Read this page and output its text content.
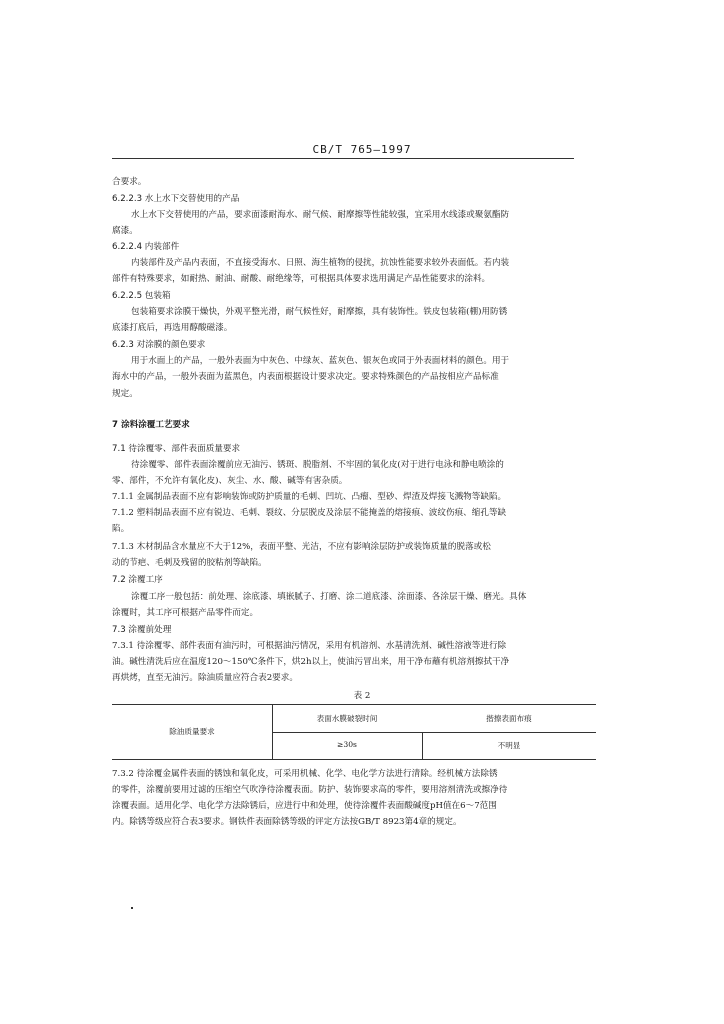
CB/T 765—1997
合要求。
6.2.2.3 水上水下交替使用的产品
水上水下交替使用的产品，要求面漆耐海水、耐气候、耐摩擦等性能较强，宜采用水线漆或聚氨酯防
腐漆。
6.2.2.4 内装部件
内装部件及产品内表面，不直接受海水、日照、海生植物的侵扰，抗蚀性能要求较外表面低。若内装
部件有特殊要求，如耐热、耐油、耐酸、耐绝缘等，可根据具体要求选用满足产品性能要求的涂料。
6.2.2.5 包装箱
包装箱要求涂膜干燥快，外观平整光滑，耐气候性好，耐摩擦，具有装饰性。铁皮包装箱(棚)用防锈
底漆打底后，再选用醇酸磁漆。
6.2.3 对涂膜的颜色要求
用于水面上的产品，一般外表面为中灰色、中绿灰、蓝灰色、银灰色或同于外表面材料的颜色。用于
海水中的产品，一般外表面为蓝黑色，内表面根据设计要求决定。要求特殊颜色的产品按相应产品标准
规定。
7 涂料涂覆工艺要求
7.1 待涂覆零、部件表面质量要求
待涂覆零、部件表面涂覆前应无油污、锈斑、脱脂剂、不牢固的氧化皮(对于进行电泳和静电喷涂的
零、部件，不允许有氧化皮)、灰尘、水、酸、碱等有害杂质。
7.1.1 金属制品表面不应有影响装饰或防护质量的毛刺、凹坑、凸瘤、型砂、焊渣及焊接飞溅物等缺陷。
7.1.2 塑料制品表面不应有锐边、毛刺、裂纹、分层脱皮及涂层不能掩盖的熔接痕、波纹伤痕、缩孔等缺
陷。
7.1.3 木材制品含水量应不大于12%，表面平整、光洁，不应有影响涂层防护或装饰质量的脱落或松
动的节疤、毛刺及残留的胶粘剂等缺陷。
7.2 涂覆工序
涂覆工序一般包括：前处理、涂底漆、填嵌腻子、打磨、涂二道底漆、涂面漆、各涂层干燥、磨光。具体
涂覆时，其工序可根据产品零件而定。
7.3 涂覆前处理
7.3.1 待涂覆零、部件表面有油污时，可根据油污情况，采用有机溶剂、水基清洗剂、碱性溶液等进行除
油。碱性清洗后应在温度120～150℃条件下，烘2h以上，使油污冒出来，用干净布蘸有机溶剂擦拭干净
再烘烤，直至无油污。除油质量应符合表2要求。
表 2
除油质量要求
表面水膜破裂时间	揩擦表面布痕
≥30s	不明显
7.3.2 待涂覆金属件表面的锈蚀和氧化皮，可采用机械、化学、电化学方法进行清除。经机械方法除锈
的零件，涂覆前要用过滤的压缩空气吹净待涂覆表面。防护、装饰要求高的零件，要用溶剂清洗或擦净待
涂覆表面。适用化学、电化学方法除锈后，应进行中和处理，使待涂覆件表面酸碱度pH值在6～7范围
内。除锈等级应符合表3要求。钢铁件表面除锈等级的评定方法按GB/T 8923第4章的规定。
